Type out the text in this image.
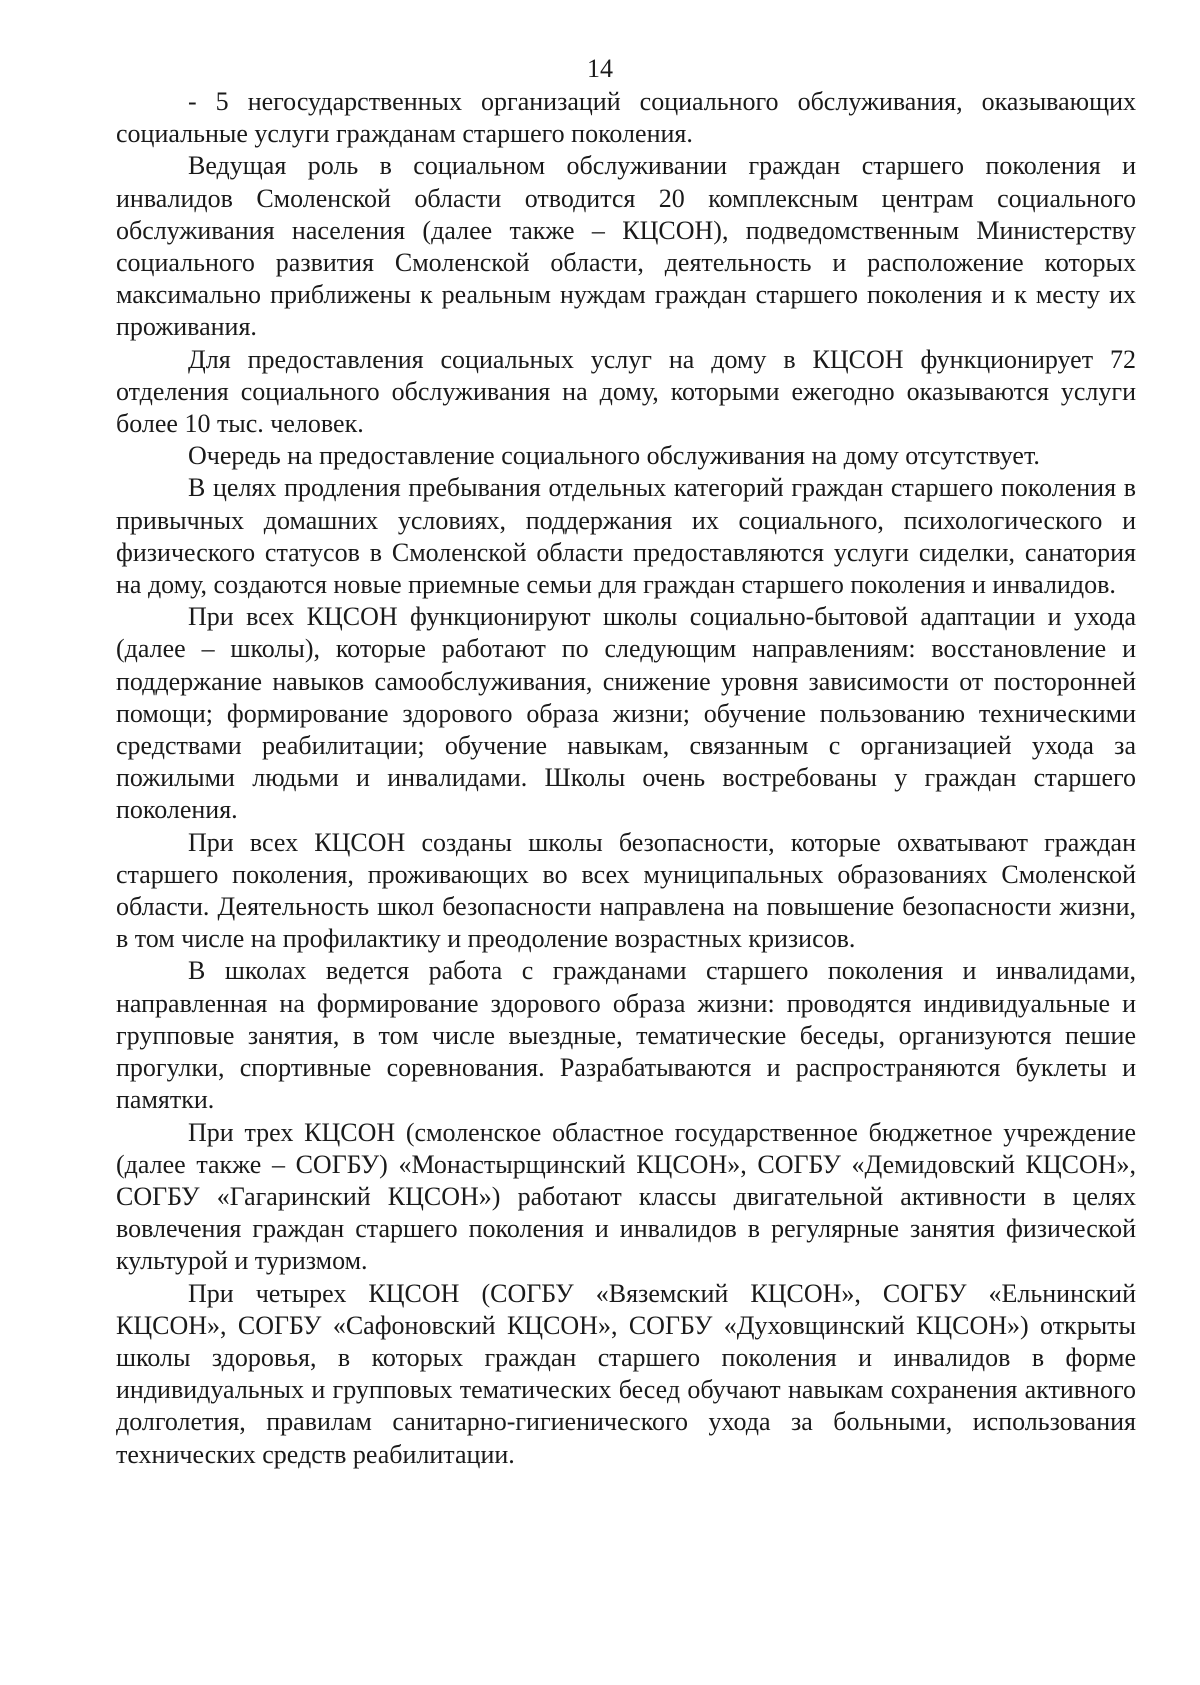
14

- 5 негосударственных организаций социального обслуживания, оказывающих социальные услуги гражданам старшего поколения.

Ведущая роль в социальном обслуживании граждан старшего поколения и инвалидов Смоленской области отводится 20 комплексным центрам социального обслуживания населения (далее также – КЦСОН), подведомственным Министерству социального развития Смоленской области, деятельность и расположение которых максимально приближены к реальным нуждам граждан старшего поколения и к месту их проживания.

Для предоставления социальных услуг на дому в КЦСОН функционирует 72 отделения социального обслуживания на дому, которыми ежегодно оказываются услуги более 10 тыс. человек.

Очередь на предоставление социального обслуживания на дому отсутствует.

В целях продления пребывания отдельных категорий граждан старшего поколения в привычных домашних условиях, поддержания их социального, психологического и физического статусов в Смоленской области предоставляются услуги сиделки, санатория на дому, создаются новые приемные семьи для граждан старшего поколения и инвалидов.

При всех КЦСОН функционируют школы социально-бытовой адаптации и ухода (далее – школы), которые работают по следующим направлениям: восстановление и поддержание навыков самообслуживания, снижение уровня зависимости от посторонней помощи; формирование здорового образа жизни; обучение пользованию техническими средствами реабилитации; обучение навыкам, связанным с организацией ухода за пожилыми людьми и инвалидами. Школы очень востребованы у граждан старшего поколения.

При всех КЦСОН созданы школы безопасности, которые охватывают граждан старшего поколения, проживающих во всех муниципальных образованиях Смоленской области. Деятельность школ безопасности направлена на повышение безопасности жизни, в том числе на профилактику и преодоление возрастных кризисов.

В школах ведется работа с гражданами старшего поколения и инвалидами, направленная на формирование здорового образа жизни: проводятся индивидуальные и групповые занятия, в том числе выездные, тематические беседы, организуются пешие прогулки, спортивные соревнования. Разрабатываются и распространяются буклеты и памятки.

При трех КЦСОН (смоленское областное государственное бюджетное учреждение (далее также – СОГБУ) «Монастырщинский КЦСОН», СОГБУ «Демидовский КЦСОН», СОГБУ «Гагаринский КЦСОН») работают классы двигательной активности в целях вовлечения граждан старшего поколения и инвалидов в регулярные занятия физической культурой и туризмом.

При четырех КЦСОН (СОГБУ «Вяземский КЦСОН», СОГБУ «Ельнинский КЦСОН», СОГБУ «Сафоновский КЦСОН», СОГБУ «Духовщинский КЦСОН») открыты школы здоровья, в которых граждан старшего поколения и инвалидов в форме индивидуальных и групповых тематических бесед обучают навыкам сохранения активного долголетия, правилам санитарно-гигиенического ухода за больными, использования технических средств реабилитации.
